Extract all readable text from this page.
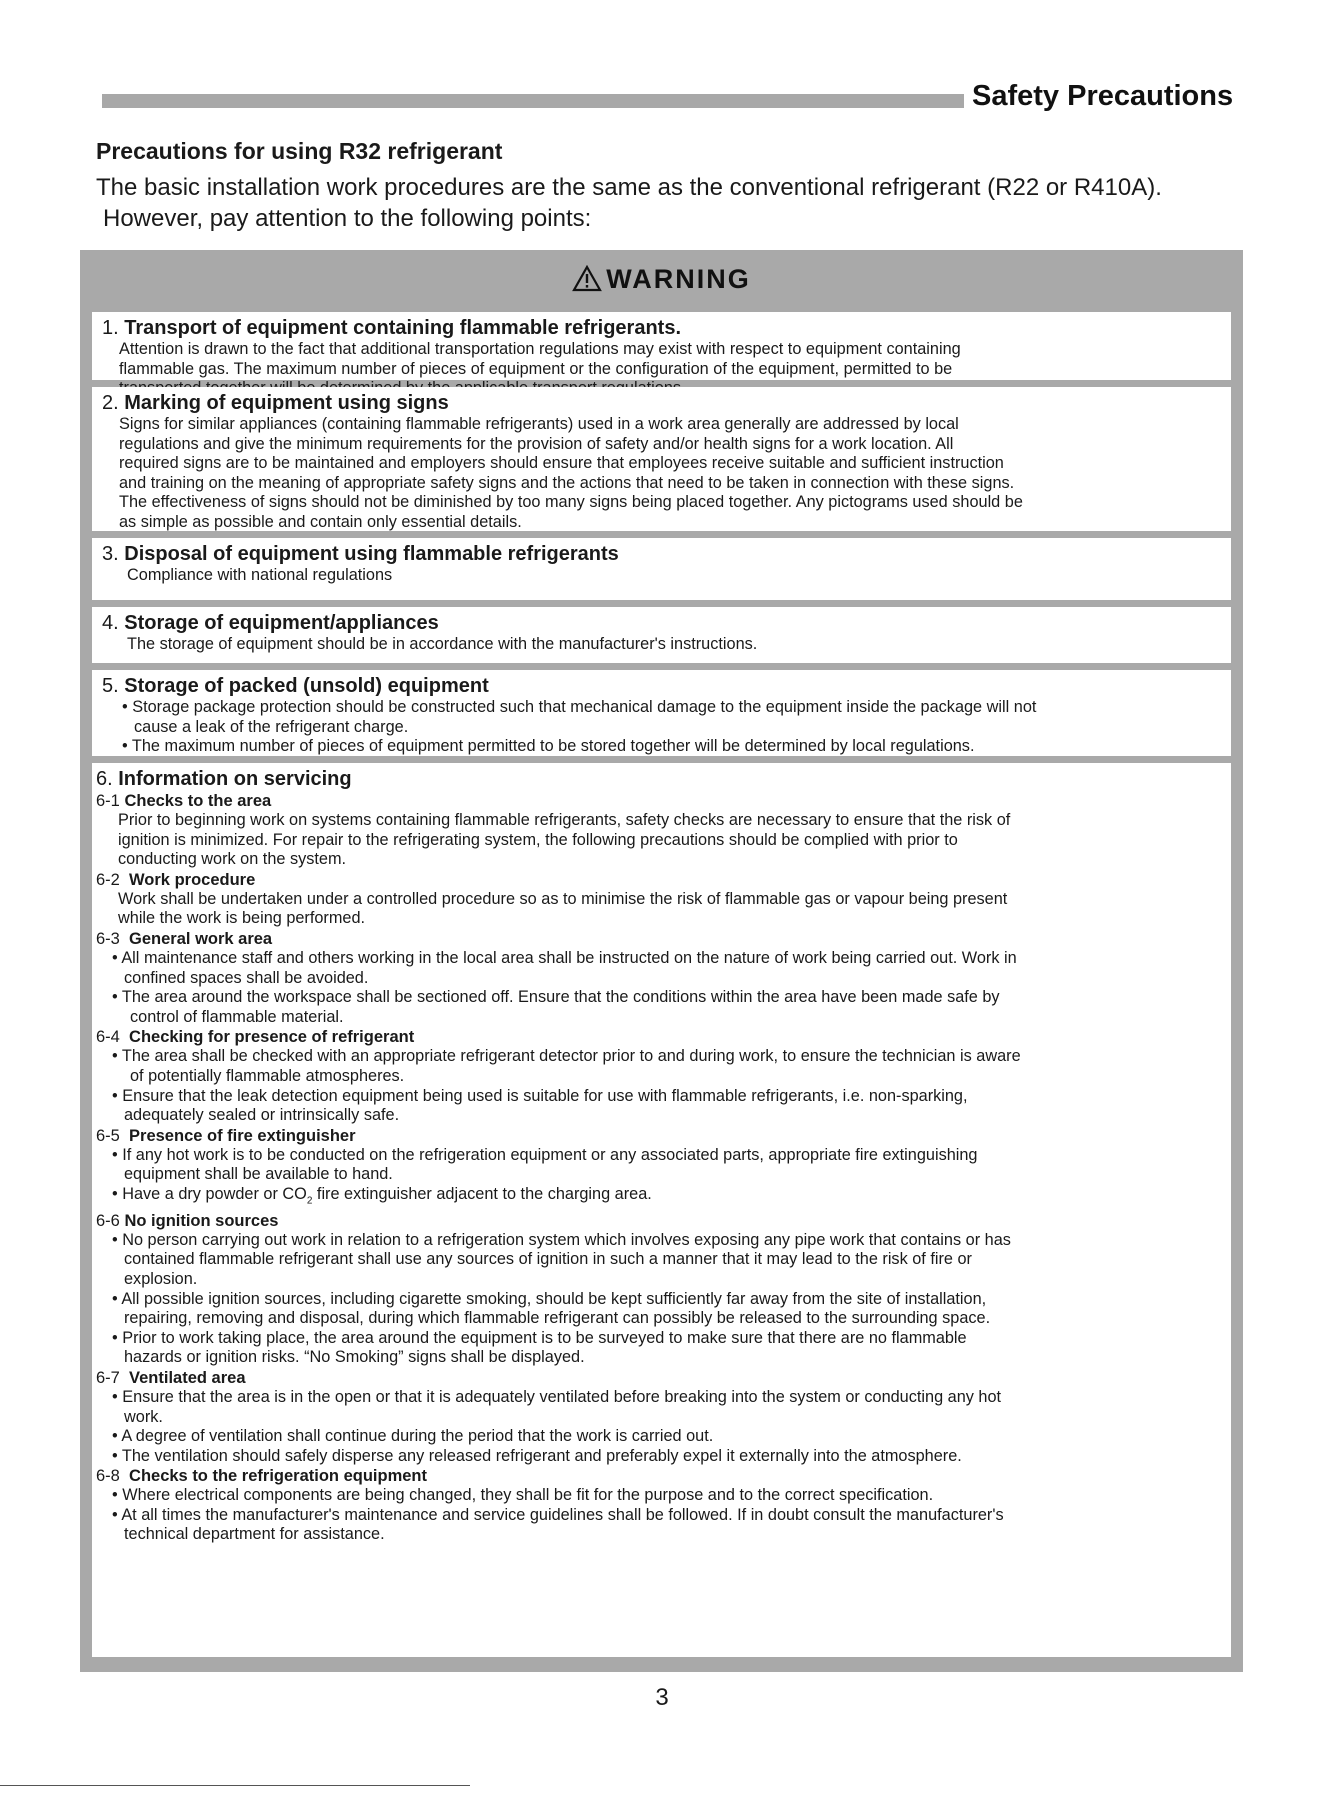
Safety Precautions
Precautions for using R32 refrigerant
The basic installation work procedures are the same as the conventional refrigerant (R22 or R410A).
However, pay attention to the following points:
WARNING
1. Transport of equipment containing flammable refrigerants.
Attention is drawn to the fact that additional transportation regulations may exist with respect to equipment containing
flammable gas. The maximum number of pieces of equipment or the configuration of the equipment, permitted to be
2. Marking of equipment using signs
Signs for similar appliances (containing flammable refrigerants) used in a work area generally are addressed by local
regulations and give the minimum requirements for the provision of safety and/or health signs for a work location. All
required signs are to be maintained and employers should ensure that employees receive suitable and sufficient instruction
and training on the meaning of appropriate safety signs and the actions that need to be taken in connection with these signs.
The effectiveness of signs should not be diminished by too many signs being placed together. Any pictograms used should be
as simple as possible and contain only essential details.
3. Disposal of equipment using flammable refrigerants
Compliance with national regulations
4. Storage of equipment/appliances
The storage of equipment should be in accordance with the manufacturer's instructions.
5. Storage of packed (unsold) equipment
• Storage package protection should be constructed such that mechanical damage to the equipment inside the package will not
cause a leak of the refrigerant charge.
• The maximum number of pieces of equipment permitted to be stored together will be determined by local regulations.
6. Information on servicing
6-1 Checks to the area
Prior to beginning work on systems containing flammable refrigerants, safety checks are necessary to ensure that the risk of
ignition is minimized. For repair to the refrigerating system, the following precautions should be complied with prior to
conducting work on the system.
6-2 Work procedure
Work shall be undertaken under a controlled procedure so as to minimise the risk of flammable gas or vapour being present
while the work is being performed.
6-3 General work area
• All maintenance staff and others working in the local area shall be instructed on the nature of work being carried out. Work in
confined spaces shall be avoided.
• The area around the workspace shall be sectioned off. Ensure that the conditions within the area have been made safe by
control of flammable material.
6-4 Checking for presence of refrigerant
• The area shall be checked with an appropriate refrigerant detector prior to and during work, to ensure the technician is aware
of potentially flammable atmospheres.
• Ensure that the leak detection equipment being used is suitable for use with flammable refrigerants, i.e. non-sparking,
adequately sealed or intrinsically safe.
6-5 Presence of fire extinguisher
• If any hot work is to be conducted on the refrigeration equipment or any associated parts, appropriate fire extinguishing
equipment shall be available to hand.
• Have a dry powder or $CO_2$ fire extinguisher adjacent to the charging area.
6-6 No ignition sources
• No person carrying out work in relation to a refrigeration system which involves exposing any pipe work that contains or has
contained flammable refrigerant shall use any sources of ignition in such a manner that it may lead to the risk of fire or
explosion.
• All possible ignition sources, including cigarette smoking, should be kept sufficiently far away from the site of installation,
repairing, removing and disposal, during which flammable refrigerant can possibly be released to the surrounding space.
• Prior to work taking place, the area around the equipment is to be surveyed to make sure that there are no flammable
hazards or ignition risks. “No Smoking” signs shall be displayed.
6-7 Ventilated area
• Ensure that the area is in the open or that it is adequately ventilated before breaking into the system or conducting any hot
work.
• A degree of ventilation shall continue during the period that the work is carried out.
• The ventilation should safely disperse any released refrigerant and preferably expel it externally into the atmosphere.
6-8 Checks to the refrigeration equipment
• Where electrical components are being changed, they shall be fit for the purpose and to the correct specification.
• At all times the manufacturer's maintenance and service guidelines shall be followed. If in doubt consult the manufacturer's
technical department for assistance.
3
